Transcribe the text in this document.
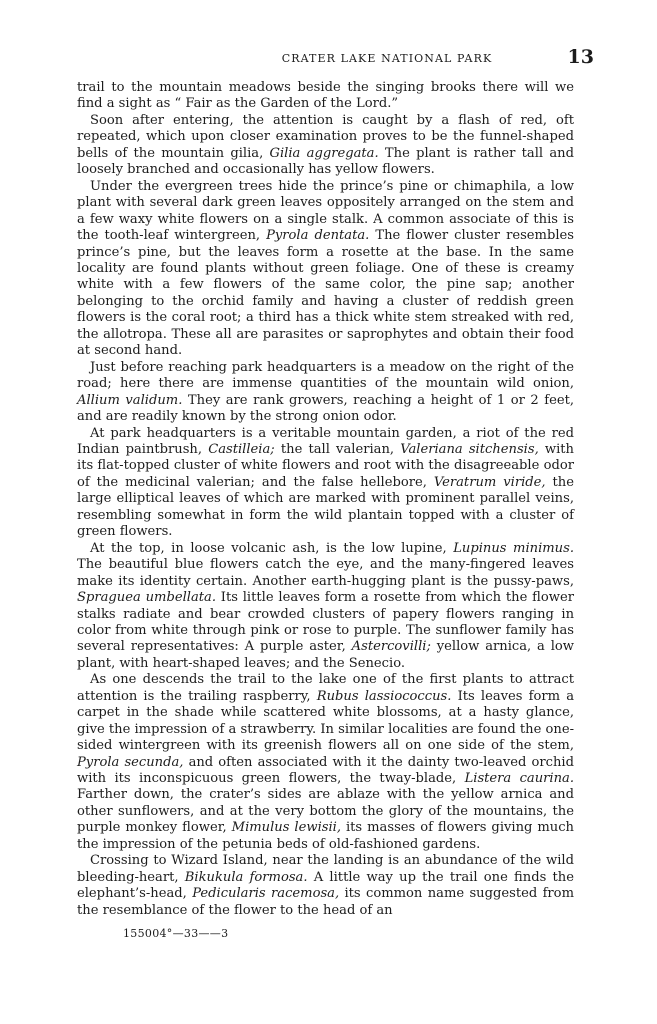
CRATER LAKE NATIONAL PARK	13

trail to the mountain meadows beside the singing brooks there will we find a sight as “ Fair as the Garden of the Lord.”

Soon after entering, the attention is caught by a flash of red, oft repeated, which upon closer examination proves to be the funnel-shaped bells of the mountain gilia, Gilia aggregata. The plant is rather tall and loosely branched and occasionally has yellow flowers.

Under the evergreen trees hide the prince’s pine or chimaphila, a low plant with several dark green leaves oppositely arranged on the stem and a few waxy white flowers on a single stalk. A common associate of this is the tooth-leaf wintergreen, Pyrola dentata. The flower cluster resembles prince’s pine, but the leaves form a rosette at the base. In the same locality are found plants without green foliage. One of these is creamy white with a few flowers of the same color, the pine sap; another belonging to the orchid family and having a cluster of reddish green flowers is the coral root; a third has a thick white stem streaked with red, the allotropa. These all are parasites or saprophytes and obtain their food at second hand.

Just before reaching park headquarters is a meadow on the right of the road; here there are immense quantities of the mountain wild onion, Allium validum. They are rank growers, reaching a height of 1 or 2 feet, and are readily known by the strong onion odor.

At park headquarters is a veritable mountain garden, a riot of the red Indian paintbrush, Castilleia; the tall valerian, Valeriana sitchensis, with its flat-topped cluster of white flowers and root with the disagreeable odor of the medicinal valerian; and the false hellebore, Veratrum viride, the large elliptical leaves of which are marked with prominent parallel veins, resembling somewhat in form the wild plantain topped with a cluster of green flowers.

At the top, in loose volcanic ash, is the low lupine, Lupinus minimus. The beautiful blue flowers catch the eye, and the many-fingered leaves make its identity certain. Another earth-hugging plant is the pussy-paws, Spraguea umbellata. Its little leaves form a rosette from which the flower stalks radiate and bear crowded clusters of papery flowers ranging in color from white through pink or rose to purple. The sunflower family has several representatives: A purple aster, Astercovilli; yellow arnica, a low plant, with heart-shaped leaves; and the Senecio.

As one descends the trail to the lake one of the first plants to attract attention is the trailing raspberry, Rubus lassiococcus. Its leaves form a carpet in the shade while scattered white blossoms, at a hasty glance, give the impression of a strawberry. In similar localities are found the one-sided wintergreen with its greenish flowers all on one side of the stem, Pyrola secunda, and often associated with it the dainty two-leaved orchid with its inconspicuous green flowers, the tway-blade, Listera caurina. Farther down, the crater’s sides are ablaze with the yellow arnica and other sunflowers, and at the very bottom the glory of the mountains, the purple monkey flower, Mimulus lewisii, its masses of flowers giving much the impression of the petunia beds of old-fashioned gardens.

Crossing to Wizard Island, near the landing is an abundance of the wild bleeding-heart, Bikukula formosa. A little way up the trail one finds the elephant’s-head, Pedicularis racemosa, its common name suggested from the resemblance of the flower to the head of an

155004°—33——3
